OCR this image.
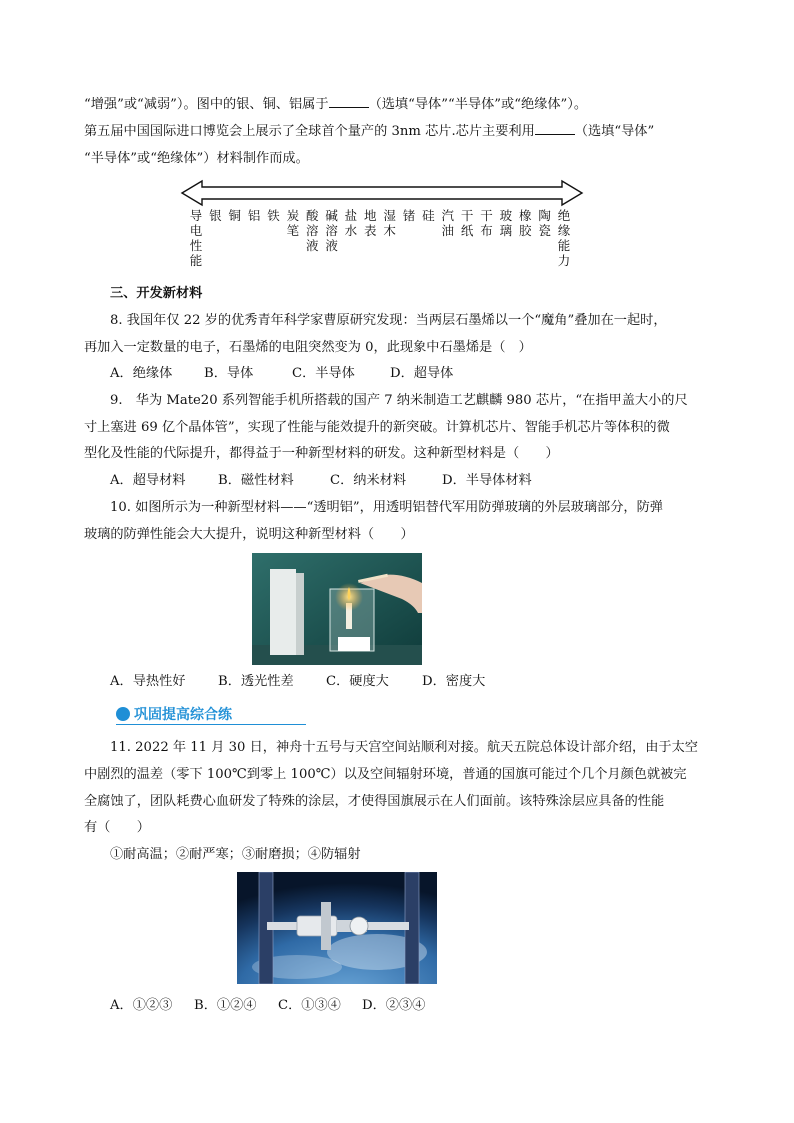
“增强”或“减弱”）。图中的银、铜、铝属于	（选填“导体”“半导体”或“绝缘体”）。
第五届中国国际进口博览会上展示了全球首个量产的 3nm 芯片.芯片主要利用	（选填“导体”
“半导体”或“绝缘体”）材料制作而成。
导
电
性
能
银 铜 铝 铁 炭
笔
酸
溶
液
碱
溶
液
盐
水
地
表
湿
木
锗 硅 汽
油
干
纸
干
布
玻
璃
橡
胶
陶
瓷
绝
缘
能
力
三、开发新材料
8. 我国年仅 22 岁的优秀青年科学家曹原研究发现：当两层石墨烯以一个“魔角”叠加在一起时，
再加入一定数量的电子，石墨烯的电阻突然变为 0，此现象中石墨烯是（　）
A．绝缘体 B．导体	C．半导体	D．超导体
9.　华为 Mate20 系列智能手机所搭载的国产 7 纳米制造工艺麒麟 980 芯片，“在指甲盖大小的尺
寸上塞进 69 亿个晶体管”，实现了性能与能效提升的新突破。计算机芯片、智能手机芯片等体积的微
型化及性能的代际提升，都得益于一种新型材料的研发。这种新型材料是（　　）
A．超导材料 B．磁性材料	C．纳米材料	D．半导体材料
10. 如图所示为一种新型材料——“透明铝”，用透明铝替代军用防弹玻璃的外层玻璃部分，防弹
玻璃的防弹性能会大大提升，说明这种新型材料（　　）
A．导热性好 B．透光性差 C．硬度大	D．密度大
巩固提高综合练
11. 2022 年 11 月 30 日，神舟十五号与天宫空间站顺利对接。航天五院总体设计部介绍，由于太空
中剧烈的温差（零下 100℃到零上 100℃）以及空间辐射环境，普通的国旗可能过个几个月颜色就被完
全腐蚀了，团队耗费心血研发了特殊的涂层，才使得国旗展示在人们面前。该特殊涂层应具备的性能
有（　　）
①耐高温；②耐严寒；③耐磨损；④防辐射
A．①②③ B．①②④ C．①③④ D．②③④
